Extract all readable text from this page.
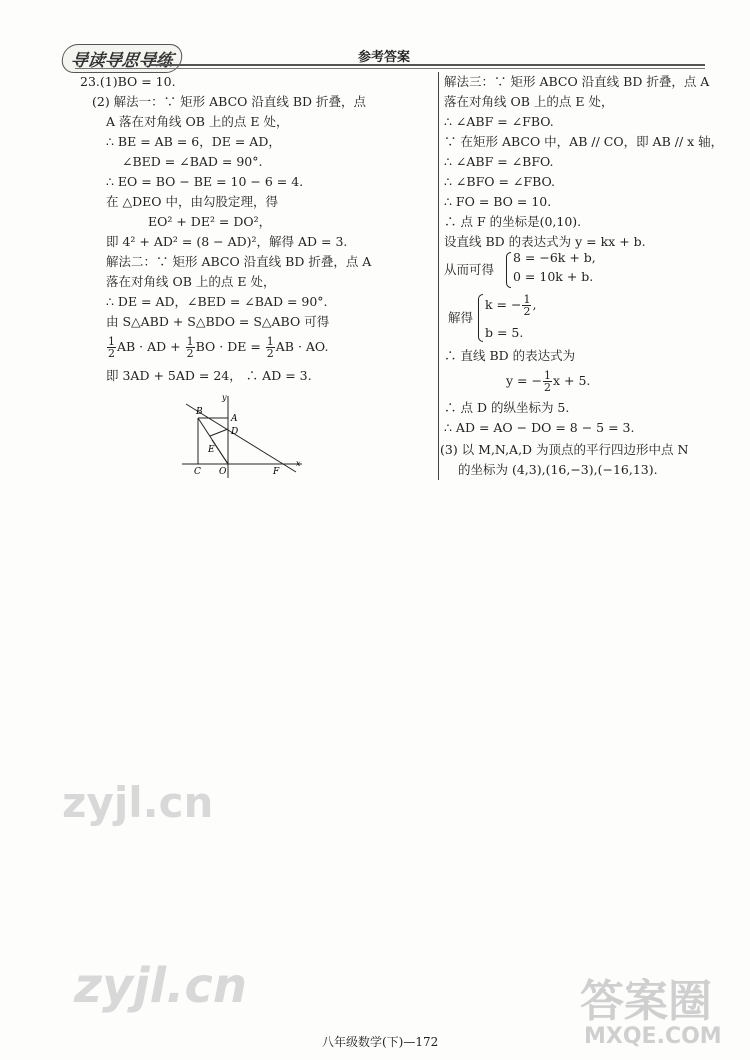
导读导思导练	参考答案
23.(1)BO = 10.
(2) 解法一：∵ 矩形 ABCO 沿直线 BD 折叠，点
A 落在对角线 OB 上的点 E 处，
∴ BE = AB = 6，DE = AD，
∠BED = ∠BAD = 90°.
∴ EO = BO − BE = 10 − 6 = 4.
在 △DEO 中，由勾股定理，得
EO² + DE² = DO²，
即 4² + AD² = (8 − AD)²，解得 AD = 3.
解法二：∵ 矩形 ABCO 沿直线 BD 折叠，点 A
落在对角线 OB 上的点 E 处，
∴ DE = AD，∠BED = ∠BAD = 90°.
由 S△ABD + S△BDO = S△ABO 可得
$\frac{1}{2}$ AB · AD + $\frac{1}{2}$ BO · DE = $\frac{1}{2}$ AB · AO.
即 3AD + 5AD = 24， ∴ AD = 3.
B
A
D
E
C O	F
x
y
解法三：∵ 矩形 ABCO 沿直线 BD 折叠，点 A
落在对角线 OB 上的点 E 处，
∴ ∠ABF = ∠FBO.
∵ 在矩形 ABCO 中，AB // CO，即 AB // x 轴，
∴ ∠ABF = ∠BFO.
∴ ∠BFO = ∠FBO.
∴ FO = BO = 10.
∴ 点 F 的坐标是(0,10).
设直线 BD 的表达式为 y = kx + b.
从而可得
8 = −6k + b,
0 = 10k + b.
解得
k = − $\frac{1}{2}$ ,
b = 5.
∴ 直线 BD 的表达式为
y = − $\frac{1}{2}$ x + 5.
∴ 点 D 的纵坐标为 5.
∴ AD = AO − DO = 8 − 5 = 3.
(3) 以 M,N,A,D 为顶点的平行四边形中点 N
的坐标为 (4,3),(16,−3),(−16,13).
zyjl.cn
zyjl.cn	答案圈
MXQE.COM
八年级数学(下)—172
